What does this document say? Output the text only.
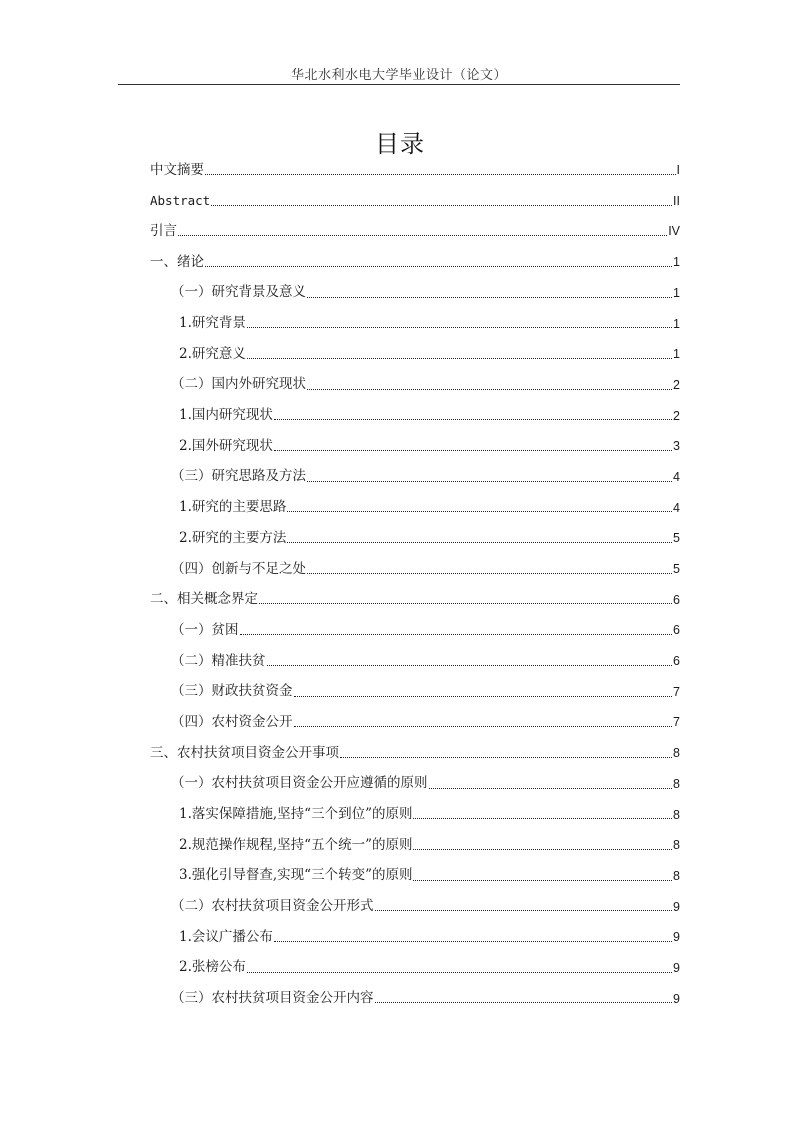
华北水利水电大学毕业设计（论文）
目录
中文摘要	I
Abstract	II
引言	IV
一、绪论	1
（一）研究背景及意义	1
1.研究背景	1
2.研究意义	1
（二）国内外研究现状	2
1.国内研究现状	2
2.国外研究现状	3
（三）研究思路及方法	4
1.研究的主要思路	4
2.研究的主要方法	5
（四）创新与不足之处	5
二、相关概念界定	6
（一）贫困	6
（二）精准扶贫	6
（三）财政扶贫资金	7
（四）农村资金公开	7
三、农村扶贫项目资金公开事项	8
（一）农村扶贫项目资金公开应遵循的原则	8
1.落实保障措施,坚持“三个到位”的原则	8
2.规范操作规程,坚持“五个统一”的原则	8
3.强化引导督查,实现“三个转变”的原则	8
（二）农村扶贫项目资金公开形式	9
1.会议广播公布	9
2.张榜公布	9
（三）农村扶贫项目资金公开内容	9
